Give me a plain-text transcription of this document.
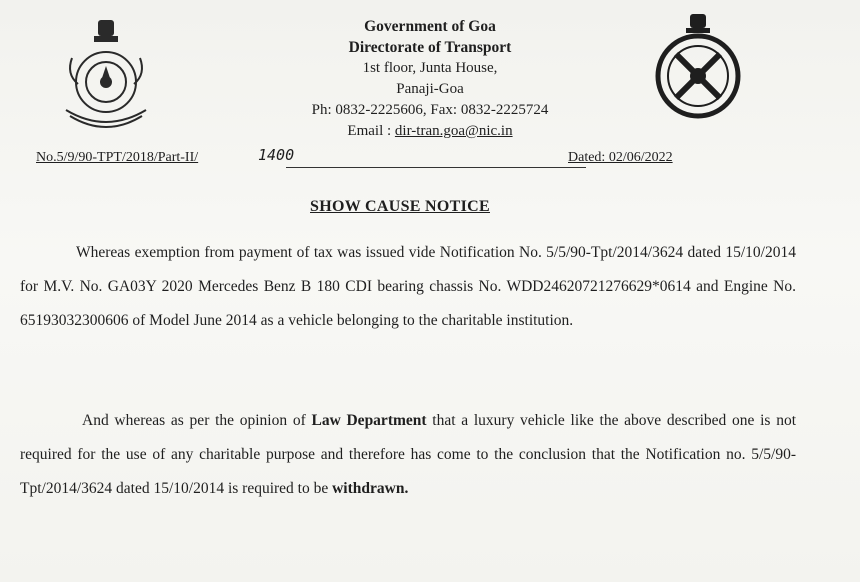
Government of Goa
Directorate of Transport
1st floor, Junta House,
Panaji-Goa
Ph: 0832-2225606, Fax: 0832-2225724
Email : dir-tran.goa@nic.in
No.5/9/90-TPT/2018/Part-II/	1400	Dated: 02/06/2022
SHOW CAUSE NOTICE
Whereas exemption from payment of tax was issued vide Notification No. 5/5/90-Tpt/2014/3624 dated 15/10/2014 for M.V. No. GA03Y 2020 Mercedes Benz B 180 CDI bearing chassis No. WDD24620721276629*0614 and Engine No. 65193032300606 of Model June 2014 as a vehicle belonging to the charitable institution.
And whereas as per the opinion of Law Department that a luxury vehicle like the above described one is not required for the use of any charitable purpose and therefore has come to the conclusion that the Notification no. 5/5/90-Tpt/2014/3624 dated 15/10/2014 is required to be withdrawn.
